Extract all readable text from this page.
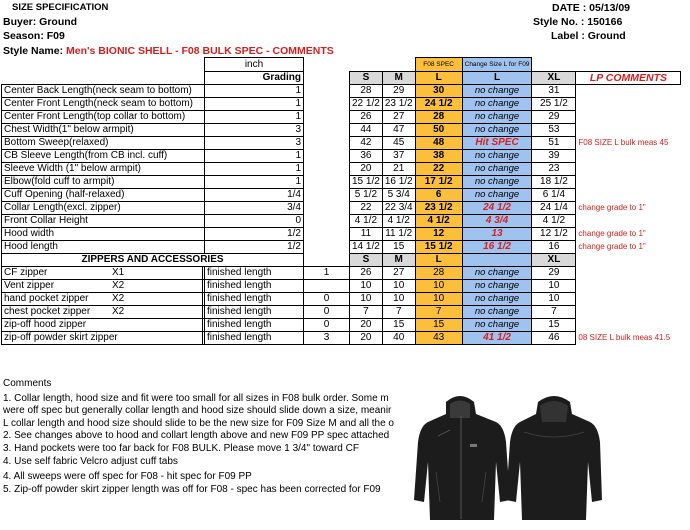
SIZE SPECIFICATION	DATE : 05/13/09
Buyer: Ground	Style No. : 150166
Season: F09	Label : Ground
Style Name: Men's BIONIC SHELL - F08 BULK SPEC - COMMENTS
	inch				F08 SPEC	Change Size L for F09		
	Grading		S	M	L	L	XL	LP COMMENTS
Center Back Length(neck seam to bottom)	1		28	29	30	no change	31	
Center Front Length(neck seam to bottom)	1		22 1/2	23 1/2	24 1/2	no change	25 1/2	
Center Front Length(top collar to bottom)	1		26	27	28	no change	29	
Chest Width(1" below armpit)	3		44	47	50	no change	53	
Bottom Sweep(relaxed)	3		42	45	48	Hit SPEC	51	F08 SIZE L bulk meas 45
CB Sleeve Length(from CB incl. cuff)	1		36	37	38	no change	39	
Sleeve Width (1" below armpit)	1		20	21	22	no change	23	
Elbow(fold cuff to armpit)	1		15 1/2	16 1/2	17 1/2	no change	18 1/2	
Cuff Opening (half-relaxed)	1/4		5 1/2	5 3/4	6	no change	6 1/4	
Collar Length(excl. zipper)	3/4		22	22 3/4	23 1/2	24 1/2	24 1/4	change grade to 1"
Front Collar Height	0		4 1/2	4 1/2	4 1/2	4 3/4	4 1/2	
Hood width	1/2		11	11 1/2	12	13	12 1/2	change grade to 1"
Hood length	1/2		14 1/2	15	15 1/2	16 1/2	16	change grade to 1"
ZIPPERS AND ACCESSORIES			S	M	L		XL	

CF zipper X1	finished length	1	26	27	28	no change	29	

Vent zipper X2	finished length		10	10	10	no change	10	

hand pocket zipper X2	finished length	0	10	10	10	no change	10	

chest pocket zipper X2	finished length	0	7	7	7	no change	7	

zip-off hood zipper	finished length	0	20	15	15	no change	15	

zip-off powder skirt zipper	finished length	3	20	40	43	41 1/2	46	08 SIZE L bulk meas 41.5
Comments
1. Collar length, hood size and fit were too small for all sizes in F08 bulk order. Some m
were off spec but generally collar length and hood size should slide down a size, meanir
L collar length and hood size should slide to be the new size for F09 Size M and all the o
2. See changes above to hood and collart length above and new F09 PP spec attached
3. Hand pockets were too far back for F08 BULK. Please move 1 3/4" toward CF
4. Use self fabric Velcro adjust cuff tabs
4. All sweeps were off spec for F08 - hit spec for F09 PP
5. Zip-off powder skirt zipper length was off for F08 - spec has been corrected for F09
